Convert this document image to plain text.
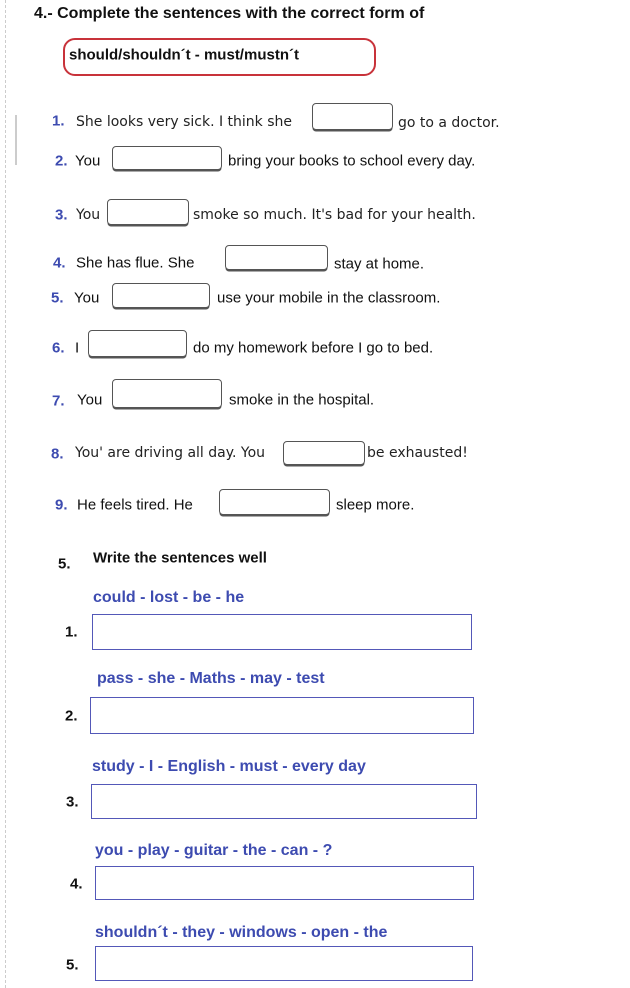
4.- Complete the sentences with the correct form of
should/shouldn´t - must/mustn´t
1. She looks very sick. I think she	go to a doctor.
2. You	bring your books to school every day.
3. You	smoke so much. It's bad for your health.
4. She has flue. She	stay at home.
5. You	use your mobile in the classroom.
6. I	do my homework before I go to bed.
7. You	smoke in the hospital.
8. You' are driving all day. You	be exhausted!
9. He feels tired. He	sleep more.
5. Write the sentences well
could - lost - be - he
1.
pass - she - Maths - may - test
2.
study - I - English - must - every day
3.
you - play - guitar - the - can - ?
4.
shouldn´t - they - windows - open - the
5.
